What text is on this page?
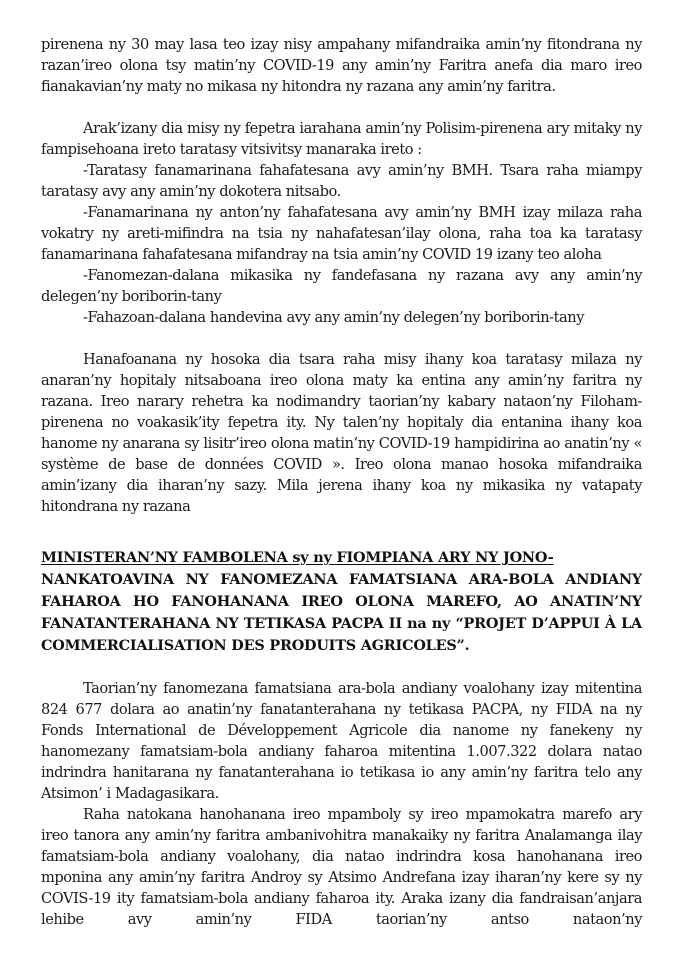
pirenena ny 30 may lasa teo izay nisy ampahany mifandraika amin’ny fitondrana ny razan’ireo olona tsy matin’ny COVID-19 any amin’ny Faritra anefa dia maro ireo fianakavian’ny maty no mikasa ny hitondra ny razana any amin’ny faritra.

Arak’izany dia misy ny fepetra iarahana amin’ny Polisim-pirenena ary mitaky ny fampisehoana ireto taratasy vitsivitsy manaraka ireto :

-Taratasy fanamarinana fahafatesana avy amin’ny BMH. Tsara raha miampy taratasy avy any amin’ny dokotera nitsabo.

-Fanamarinana ny anton’ny fahafatesana avy amin’ny BMH izay milaza raha vokatry ny areti-mifindra na tsia ny nahafatesan’ilay olona, raha toa ka taratasy fanamarinana fahafatesana mifandray na tsia amin’ny COVID 19 izany teo aloha

-Fanomezan-dalana mikasika ny fandefasana ny razana avy any amin’ny delegen’ny boriborin-tany

-Fahazoan-dalana handevina avy any amin’ny delegen’ny boriborin-tany

Hanafoanana ny hosoka dia tsara raha misy ihany koa taratasy milaza ny anaran’ny hopitaly nitsaboana ireo olona maty ka entina any amin’ny faritra ny razana. Ireo narary rehetra ka nodimandry taorian’ny kabary nataon’ny Filoham-pirenena no voakasik’ity fepetra ity. Ny talen’ny hopitaly dia entanina ihany koa hanome ny anarana sy lisitr’ireo olona matin’ny COVID-19 hampidirina ao anatin’ny « système de base de données COVID ». Ireo olona manao hosoka mifandraika amin’izany dia iharan’ny sazy. Mila jerena ihany koa ny mikasika ny vatapaty hitondrana ny razana

MINISTERAN’NY FAMBOLENA sy ny FIOMPIANA ARY NY JONO-
NANKATOAVINA NY FANOMEZANA FAMATSIANA ARA-BOLA ANDIANY FAHAROA HO FANOHANANA IREO OLONA MAREFO, AO ANATIN’NY FANATANTERAHANA NY TETIKASA PACPA II na ny “PROJET D’APPUI À LA COMMERCIALISATION DES PRODUITS AGRICOLES”.

Taorian’ny fanomezana famatsiana ara-bola andiany voalohany izay mitentina 824 677 dolara ao anatin’ny fanatanterahana ny tetikasa PACPA, ny FIDA na ny Fonds International de Développement Agricole dia nanome ny fanekeny ny hanomezany famatsiam-bola andiany faharoa mitentina 1.007.322 dolara natao indrindra hanitarana ny fanatanterahana io tetikasa io any amin’ny faritra telo any Atsimon’ i Madagasikara.

Raha natokana hanohanana ireo mpamboly sy ireo mpamokatra marefo ary ireo tanora any amin’ny faritra ambanivohitra manakaiky ny faritra Analamanga ilay famatsiam-bola andiany voalohany, dia natao indrindra kosa hanohanana ireo mponina any amin’ny faritra Androy sy Atsimo Andrefana izay iharan’ny kere sy ny COVIS-19 ity famatsiam-bola andiany faharoa ity. Araka izany dia fandraisan’anjara lehibe avy amin’ny FIDA taorian’ny antso nataon’ny
